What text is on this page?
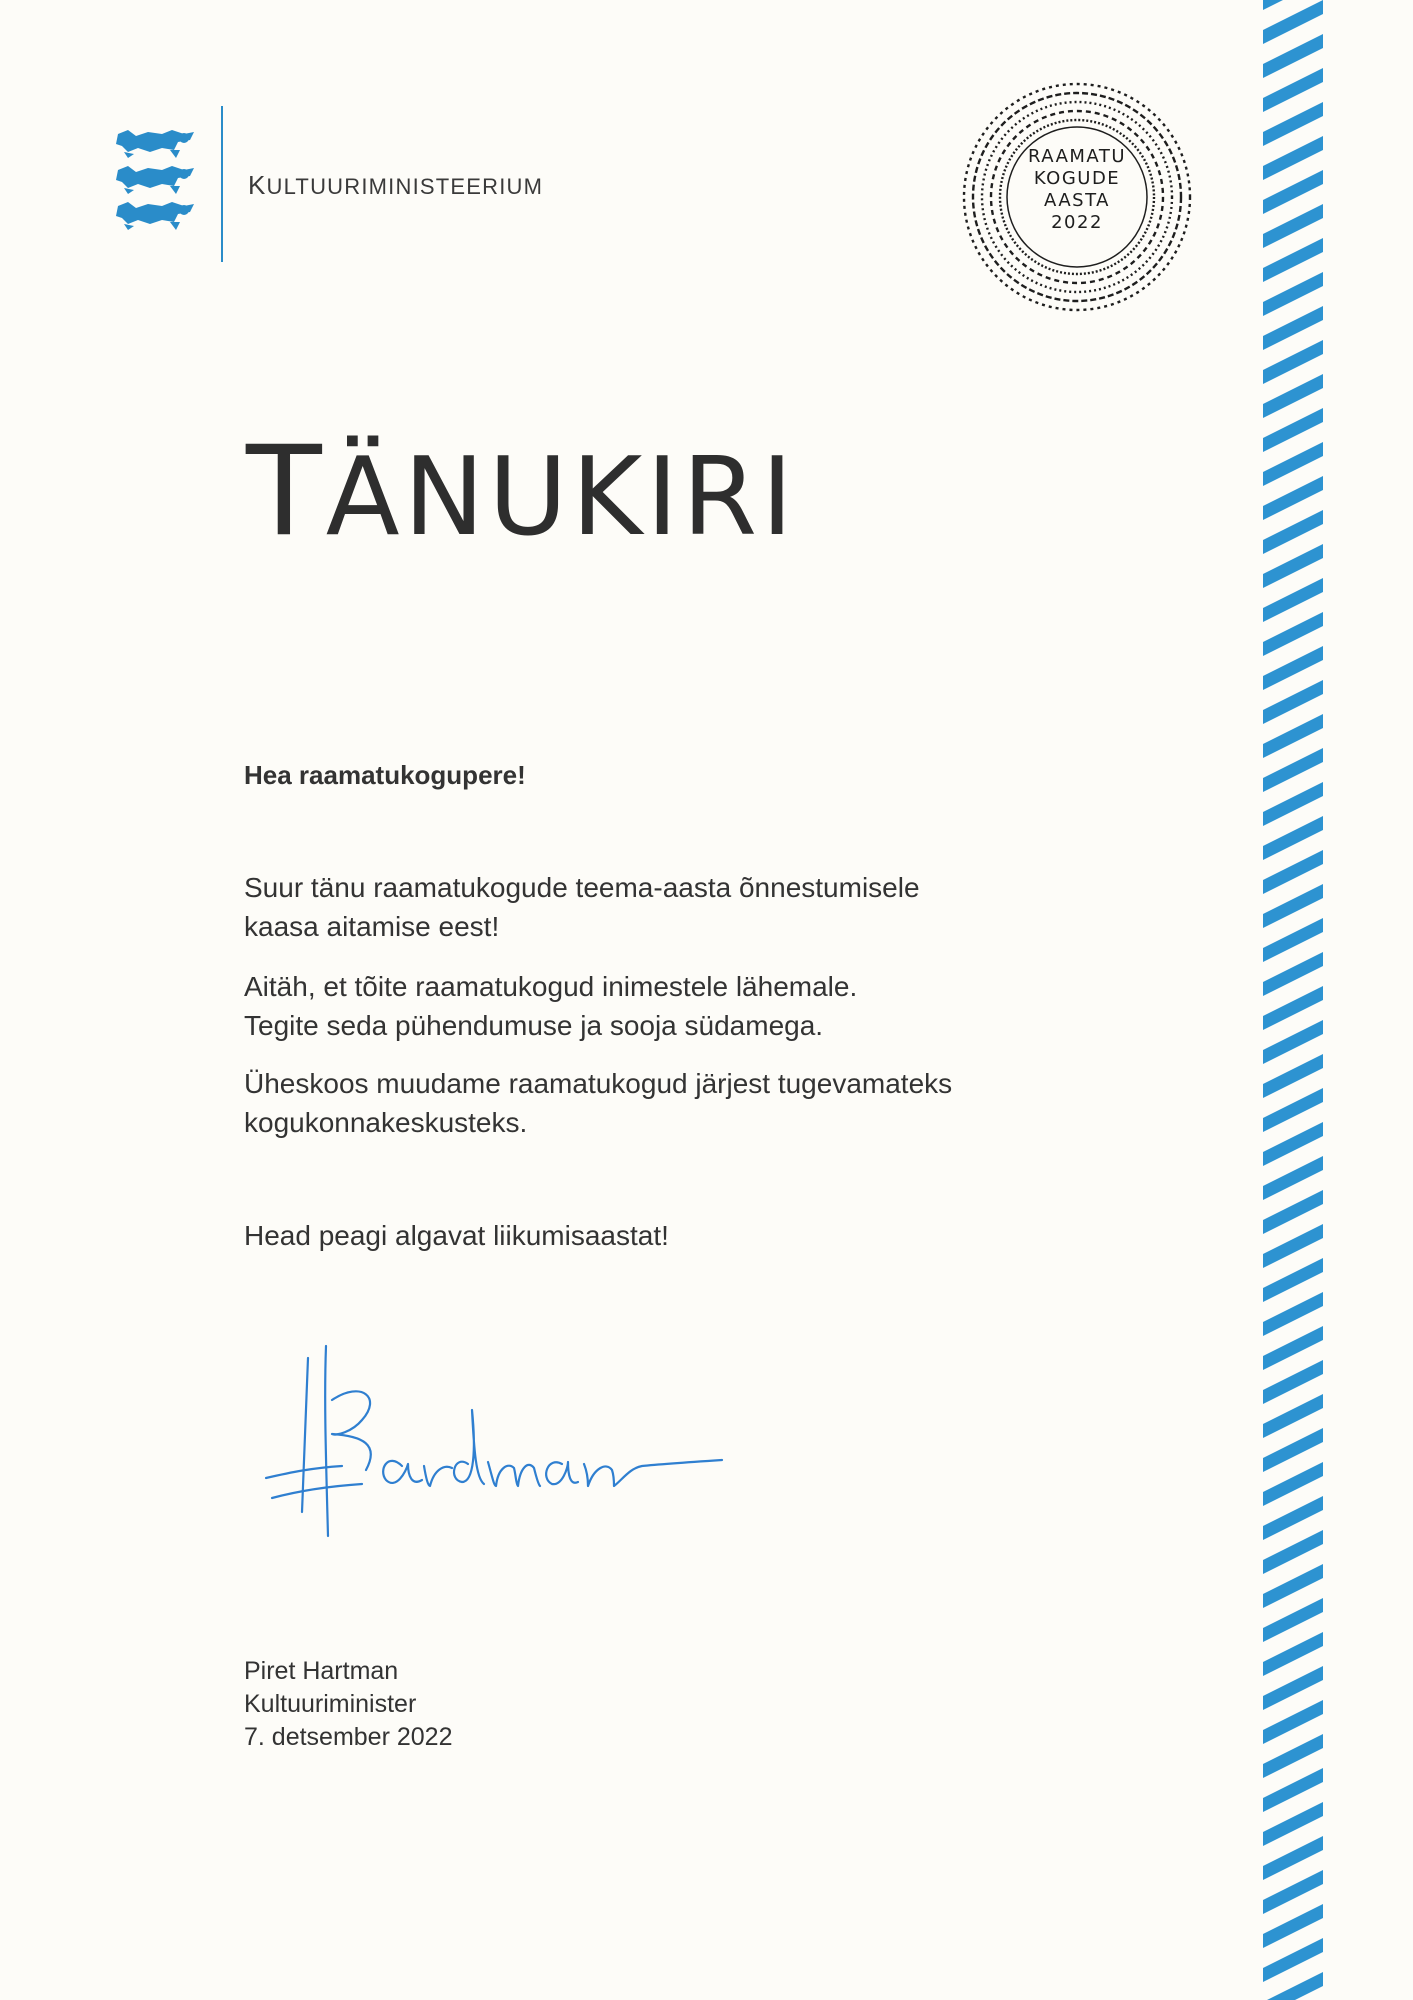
KULTUURIMINISTEERIUM
RAAMATU
KOGUDE
AASTA
2022
TÄNUKIRI
Hea raamatukogupere!

Suur tänu raamatukogude teema-aasta õnnestumisele
kaasa aitamise eest!

Aitäh, et tõite raamatukogud inimestele lähemale.
Tegite seda pühendumuse ja sooja südamega.

Üheskoos muudame raamatukogud järjest tugevamateks
kogukonnakeskusteks.

Head peagi algavat liikumisaastat!

Piret Hartman
Kultuuriminister
7. detsember 2022
